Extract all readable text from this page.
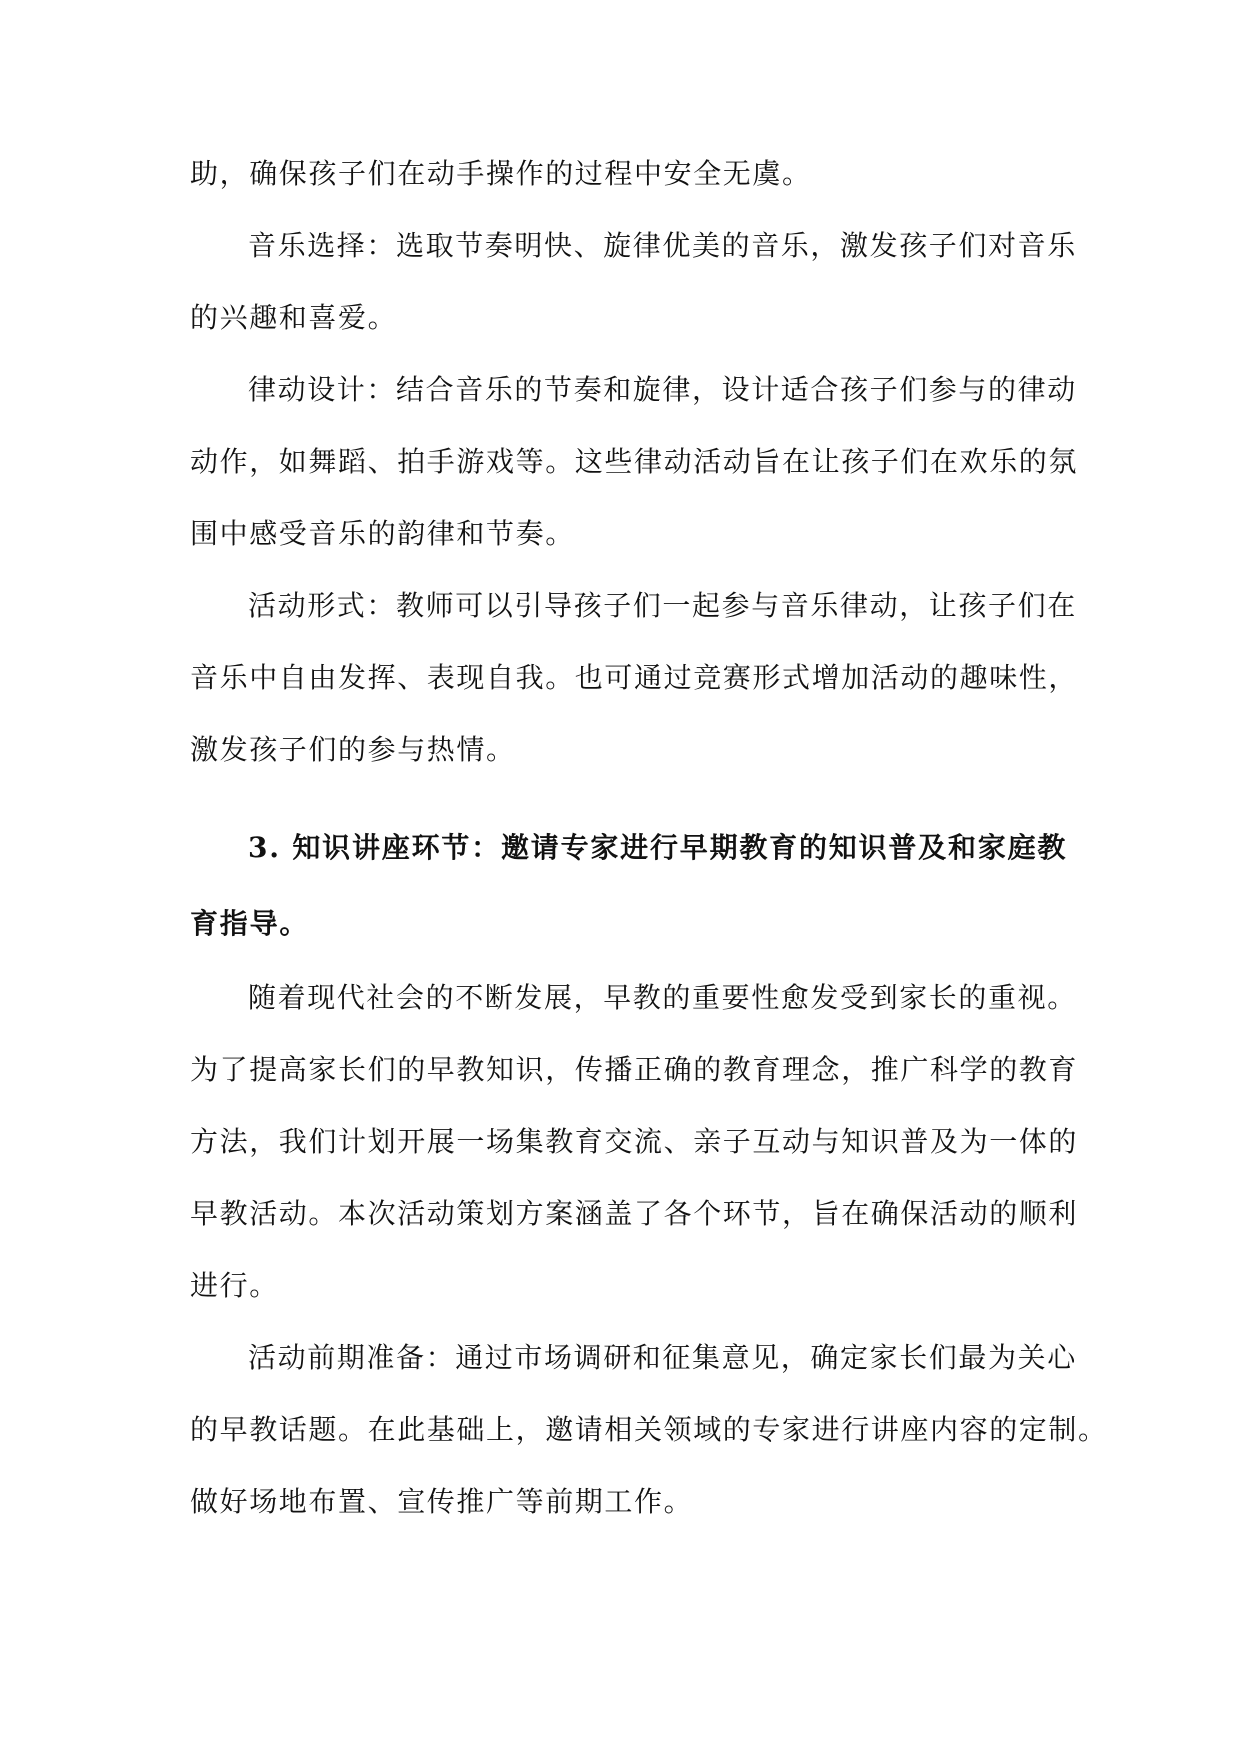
助，确保孩子们在动手操作的过程中安全无虞。
音乐选择：选取节奏明快、旋律优美的音乐，激发孩子们对音乐
的兴趣和喜爱。
律动设计：结合音乐的节奏和旋律，设计适合孩子们参与的律动
动作，如舞蹈、拍手游戏等。这些律动活动旨在让孩子们在欢乐的氛
围中感受音乐的韵律和节奏。
活动形式：教师可以引导孩子们一起参与音乐律动，让孩子们在
音乐中自由发挥、表现自我。也可通过竞赛形式增加活动的趣味性，
激发孩子们的参与热情。
3. 知识讲座环节：邀请专家进行早期教育的知识普及和家庭教
育指导。
随着现代社会的不断发展，早教的重要性愈发受到家长的重视。
为了提高家长们的早教知识，传播正确的教育理念，推广科学的教育
方法，我们计划开展一场集教育交流、亲子互动与知识普及为一体的
早教活动。本次活动策划方案涵盖了各个环节，旨在确保活动的顺利
进行。
活动前期准备：通过市场调研和征集意见，确定家长们最为关心
的早教话题。在此基础上，邀请相关领域的专家进行讲座内容的定制。
做好场地布置、宣传推广等前期工作。
